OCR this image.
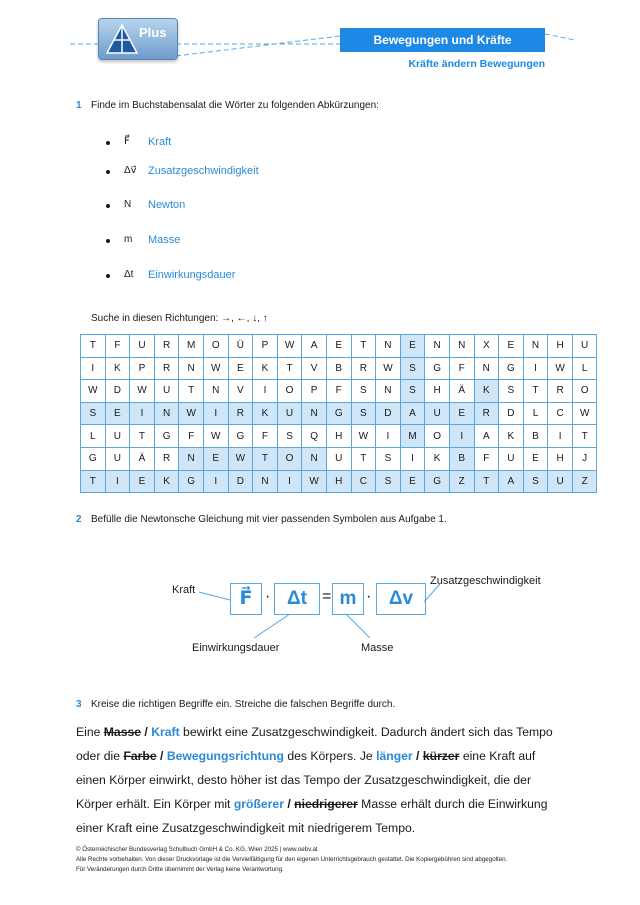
Plus	Bewegungen und Kräfte
Kräfte ändern Bewegungen
1 Finde im Buchstabensalat die Wörter zu folgenden Abkürzungen:
F⃗	Kraft
Δv⃗	Zusatzgeschwindigkeit
N	Newton
m	Masse
Δt	Einwirkungsdauer
Suche in diesen Richtungen: →, ←, ↓, ↑
T	F	U	R	M	O	Ü	P	W	A	E	T	N	E	N	N	X	E	N	H	U
I	K	P	R	N	W	E	K	T	V	B	R	W	S	G	F	N	G	I	W	L
W	D	W	U	T	N	V	I	O	P	F	S	N	S	H	Ä	K	S	T	R	O
S	E	I	N	W	I	R	K	U	N	G	S	D	A	U	E	R	D	L	C	W
L	U	T	G	F	W	G	F	S	Q	H	W	I	M	O	I	A	K	B	I	T
G	U	Ä	R	N	E	W	T	O	N	U	T	S	I	K	B	F	U	E	H	J
T	I	E	K	G	I	D	N	I	W	H	C	S	E	G	Z	T	A	S	U	Z
2 Befülle die Newtonsche Gleichung mit vier passenden Symbolen aus Aufgabe 1.
F⃗ · Δt = m · Δv
Kraft
Zusatzgeschwindigkeit
Einwirkungsdauer	Masse
3 Kreise die richtigen Begriffe ein. Streiche die falschen Begriffe durch.
Eine Masse / Kraft bewirkt eine Zusatzgeschwindigkeit. Dadurch ändert sich das Tempo oder die Farbe / Bewegungsrichtung des Körpers. Je länger / kürzer eine Kraft auf einen Körper einwirkt, desto höher ist das Tempo der Zusatzgeschwindigkeit, die der Körper erhält. Ein Körper mit größerer / niedrigerer Masse erhält durch die Einwirkung einer Kraft eine Zusatzgeschwindigkeit mit niedrigerem Tempo.
© Österreichischer Bundesverlag Schulbuch GmbH & Co. KG, Wien 2025 | www.oebv.at
Alle Rechte vorbehalten. Von dieser Druckvorlage ist die Vervielfältigung für den eigenen Unterrichtsgebrauch gestattet. Die Kopiergebühren sind abgegolten.
Für Veränderungen durch Dritte übernimmt der Verlag keine Verantwortung.
